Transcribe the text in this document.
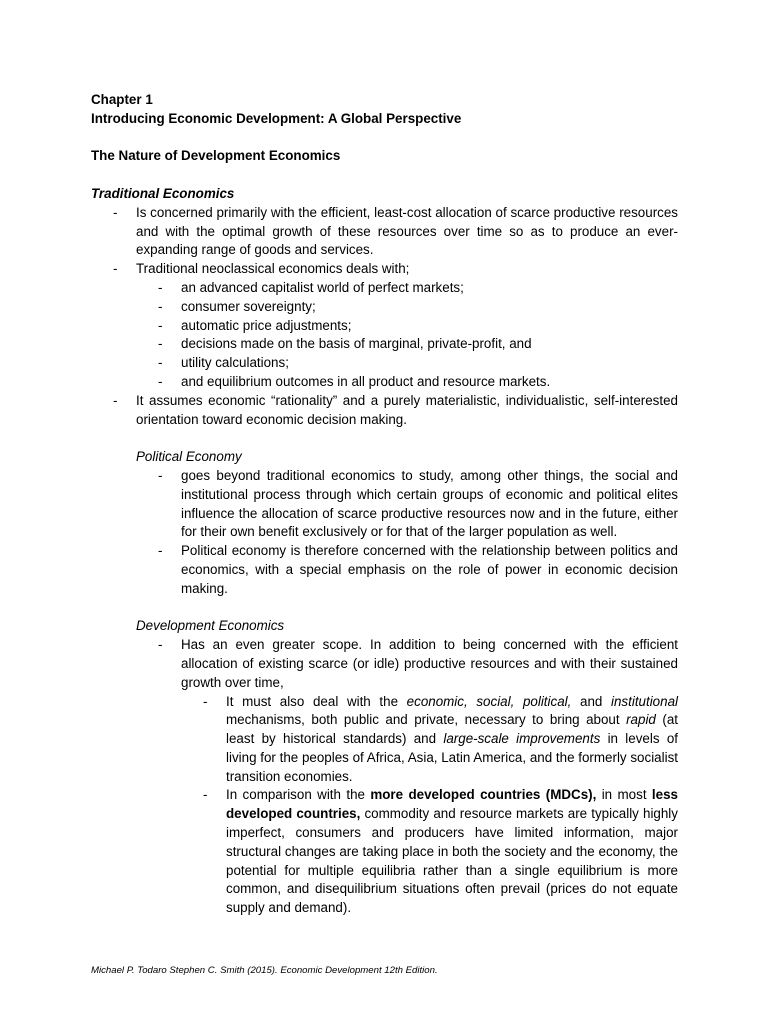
Chapter 1
Introducing Economic Development: A Global Perspective
The Nature of Development Economics
Traditional Economics
- Is concerned primarily with the efficient, least-cost allocation of scarce productive resources and with the optimal growth of these resources over time so as to produce an ever-expanding range of goods and services.
- Traditional neoclassical economics deals with;
- an advanced capitalist world of perfect markets;
- consumer sovereignty;
- automatic price adjustments;
- decisions made on the basis of marginal, private-profit, and
- utility calculations;
- and equilibrium outcomes in all product and resource markets.
- It assumes economic “rationality” and a purely materialistic, individualistic, self-interested orientation toward economic decision making.
Political Economy
- goes beyond traditional economics to study, among other things, the social and institutional process through which certain groups of economic and political elites influence the allocation of scarce productive resources now and in the future, either for their own benefit exclusively or for that of the larger population as well.
- Political economy is therefore concerned with the relationship between politics and economics, with a special emphasis on the role of power in economic decision making.
Development Economics
- Has an even greater scope. In addition to being concerned with the efficient allocation of existing scarce (or idle) productive resources and with their sustained growth over time,
- It must also deal with the economic, social, political, and institutional mechanisms, both public and private, necessary to bring about rapid (at least by historical standards) and large-scale improvements in levels of living for the peoples of Africa, Asia, Latin America, and the formerly socialist transition economies.
- In comparison with the more developed countries (MDCs), in most less developed countries, commodity and resource markets are typically highly imperfect, consumers and producers have limited information, major structural changes are taking place in both the society and the economy, the potential for multiple equilibria rather than a single equilibrium is more common, and disequilibrium situations often prevail (prices do not equate supply and demand).
Michael P. Todaro Stephen C. Smith (2015). Economic Development 12th Edition.
